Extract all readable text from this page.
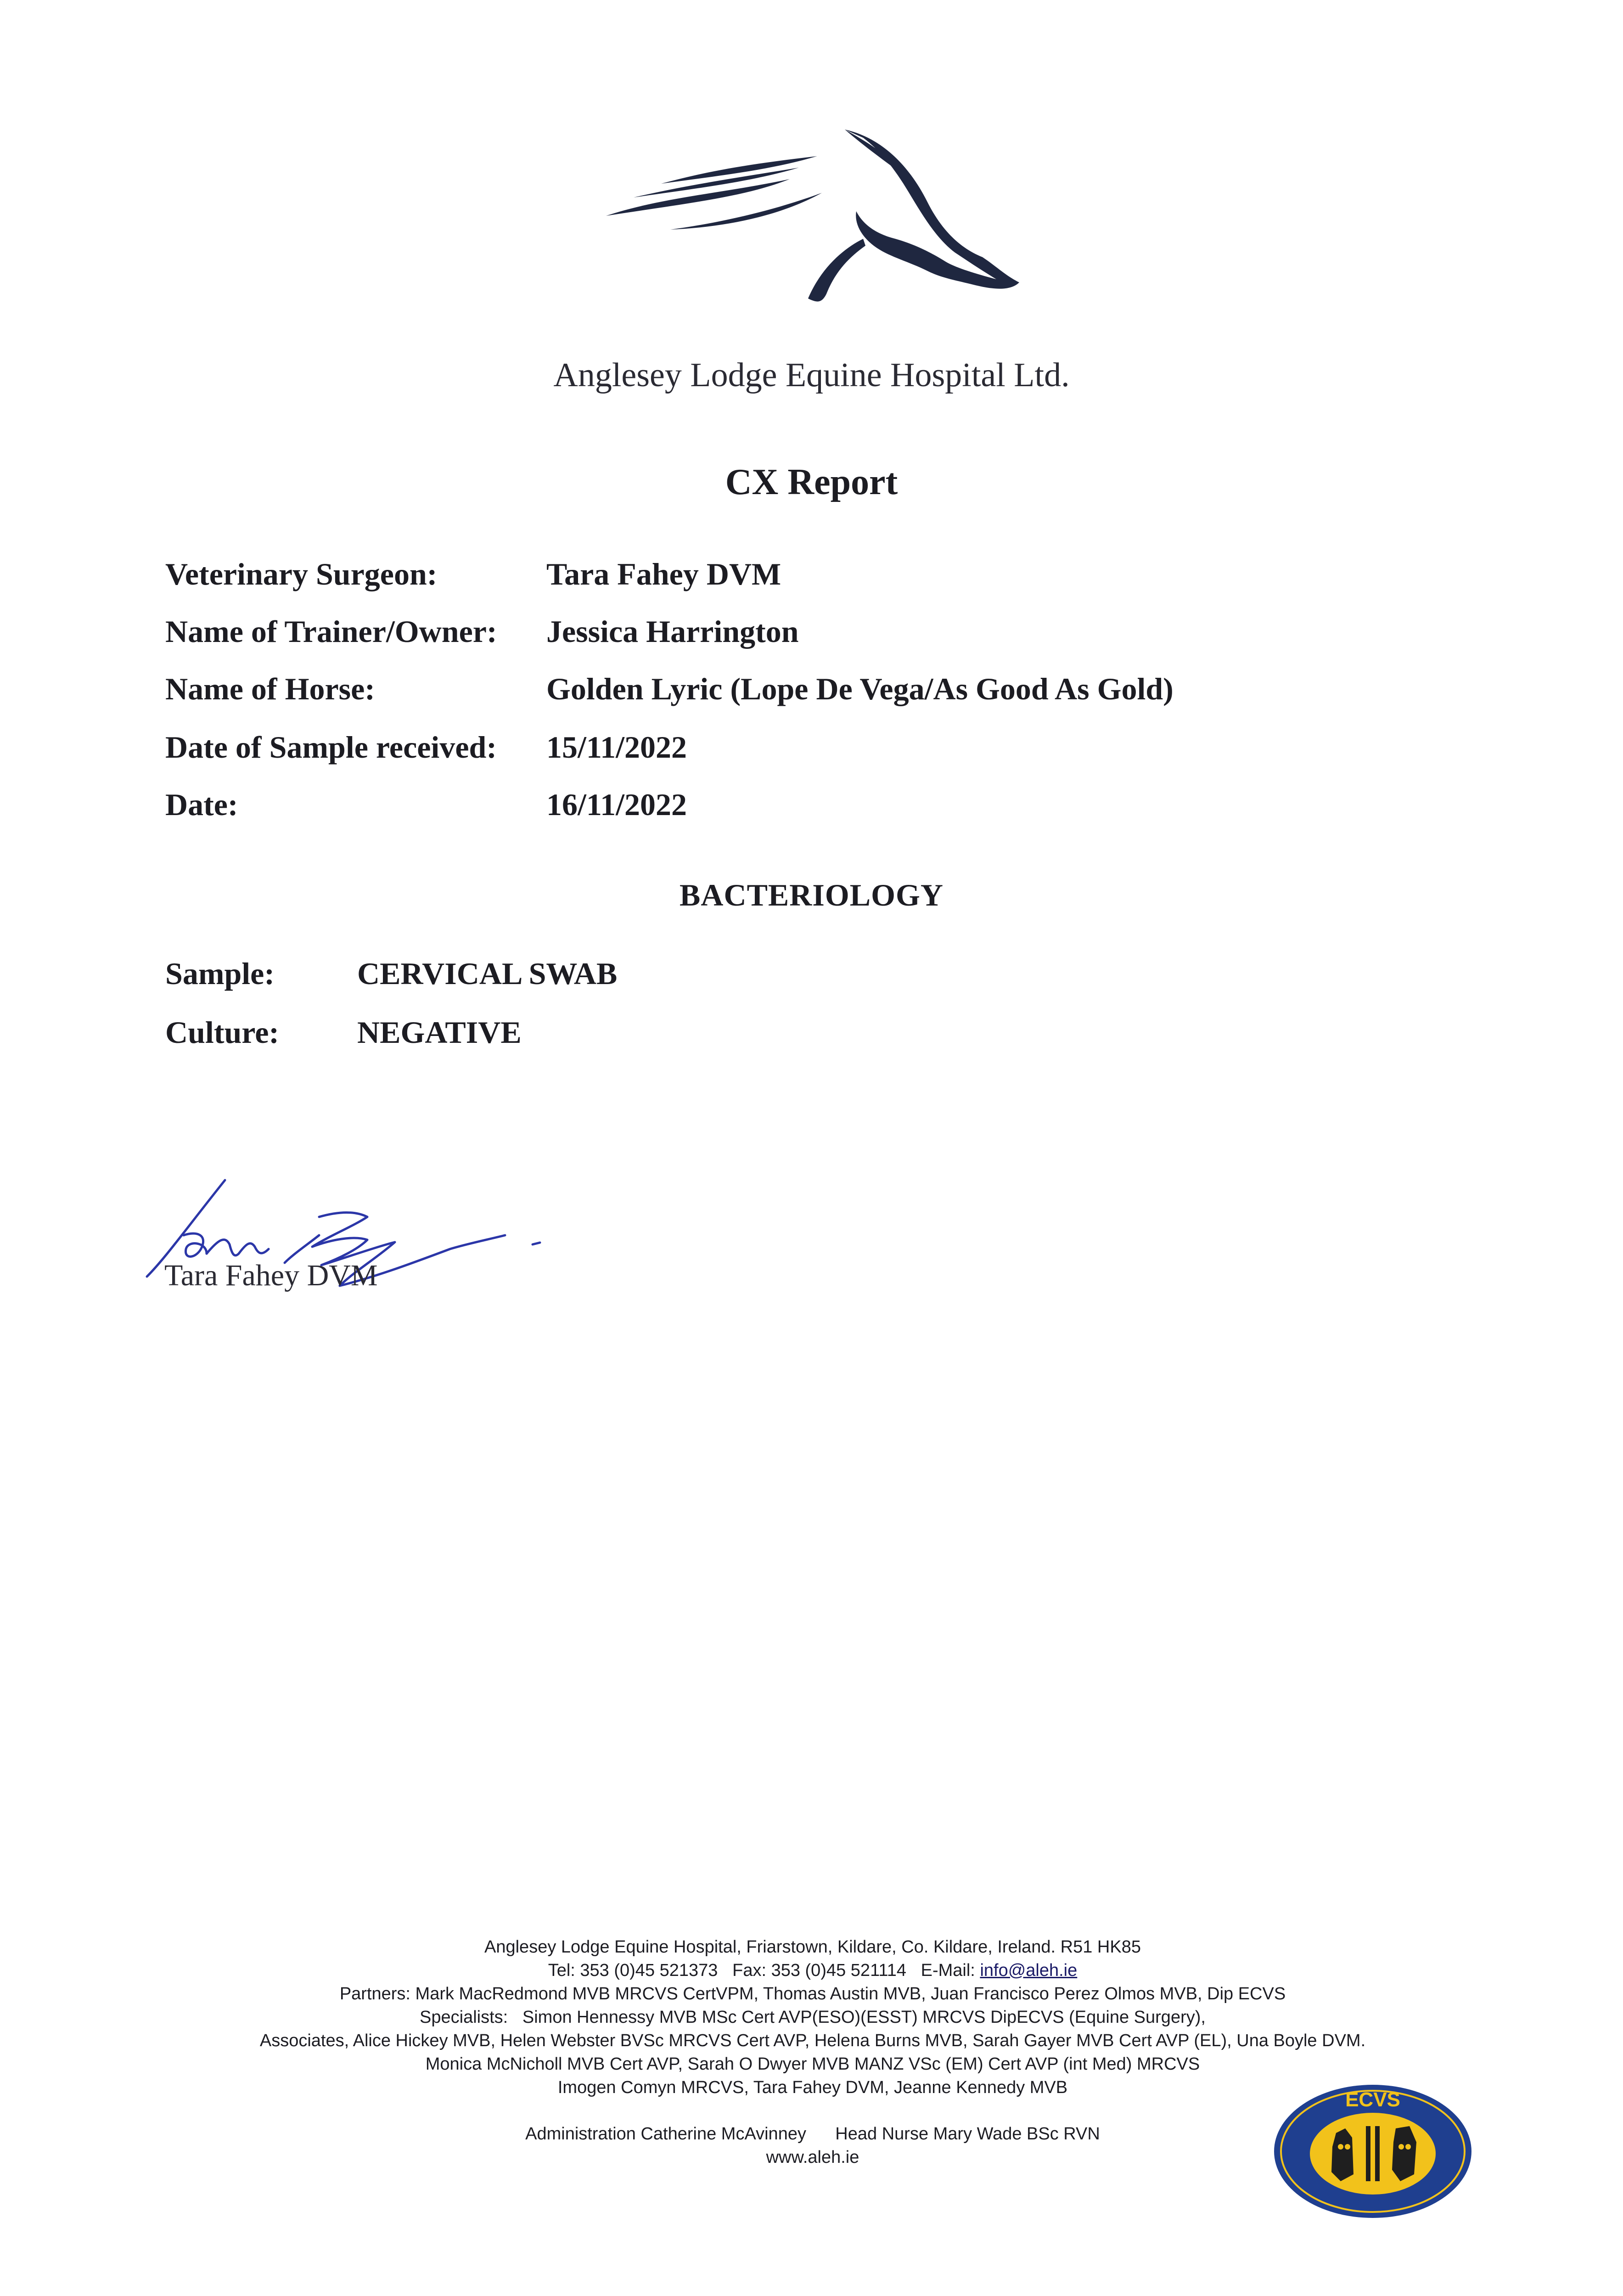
Anglesey Lodge Equine Hospital Ltd.
CX Report
Veterinary Surgeon:	Tara Fahey DVM
Name of Trainer/Owner: Jessica Harrington
Name of Horse:	Golden Lyric (Lope De Vega/As Good As Gold)
Date of Sample received: 15/11/2022
Date:	16/11/2022
BACTERIOLOGY
Sample:	CERVICAL SWAB
Culture: NEGATIVE
Tara Fahey DVM
Anglesey Lodge Equine Hospital, Friarstown, Kildare, Co. Kildare, Ireland. R51 HK85
Tel: 353 (0)45 521373   Fax: 353 (0)45 521114   E-Mail: info@aleh.ie
Partners: Mark MacRedmond MVB MRCVS CertVPM, Thomas Austin MVB, Juan Francisco Perez Olmos MVB, Dip ECVS
Specialists:   Simon Hennessy MVB MSc Cert AVP(ESO)(ESST) MRCVS DipECVS (Equine Surgery),
Associates, Alice Hickey MVB, Helen Webster BVSc MRCVS Cert AVP, Helena Burns MVB, Sarah Gayer MVB Cert AVP (EL), Una Boyle DVM.
Monica McNicholl MVB Cert AVP, Sarah O Dwyer MVB MANZ VSc (EM) Cert AVP (int Med) MRCVS
Imogen Comyn MRCVS, Tara Fahey DVM, Jeanne Kennedy MVB
Administration Catherine McAvinney      Head Nurse Mary Wade BSc RVN
www.aleh.ie
ECVS
